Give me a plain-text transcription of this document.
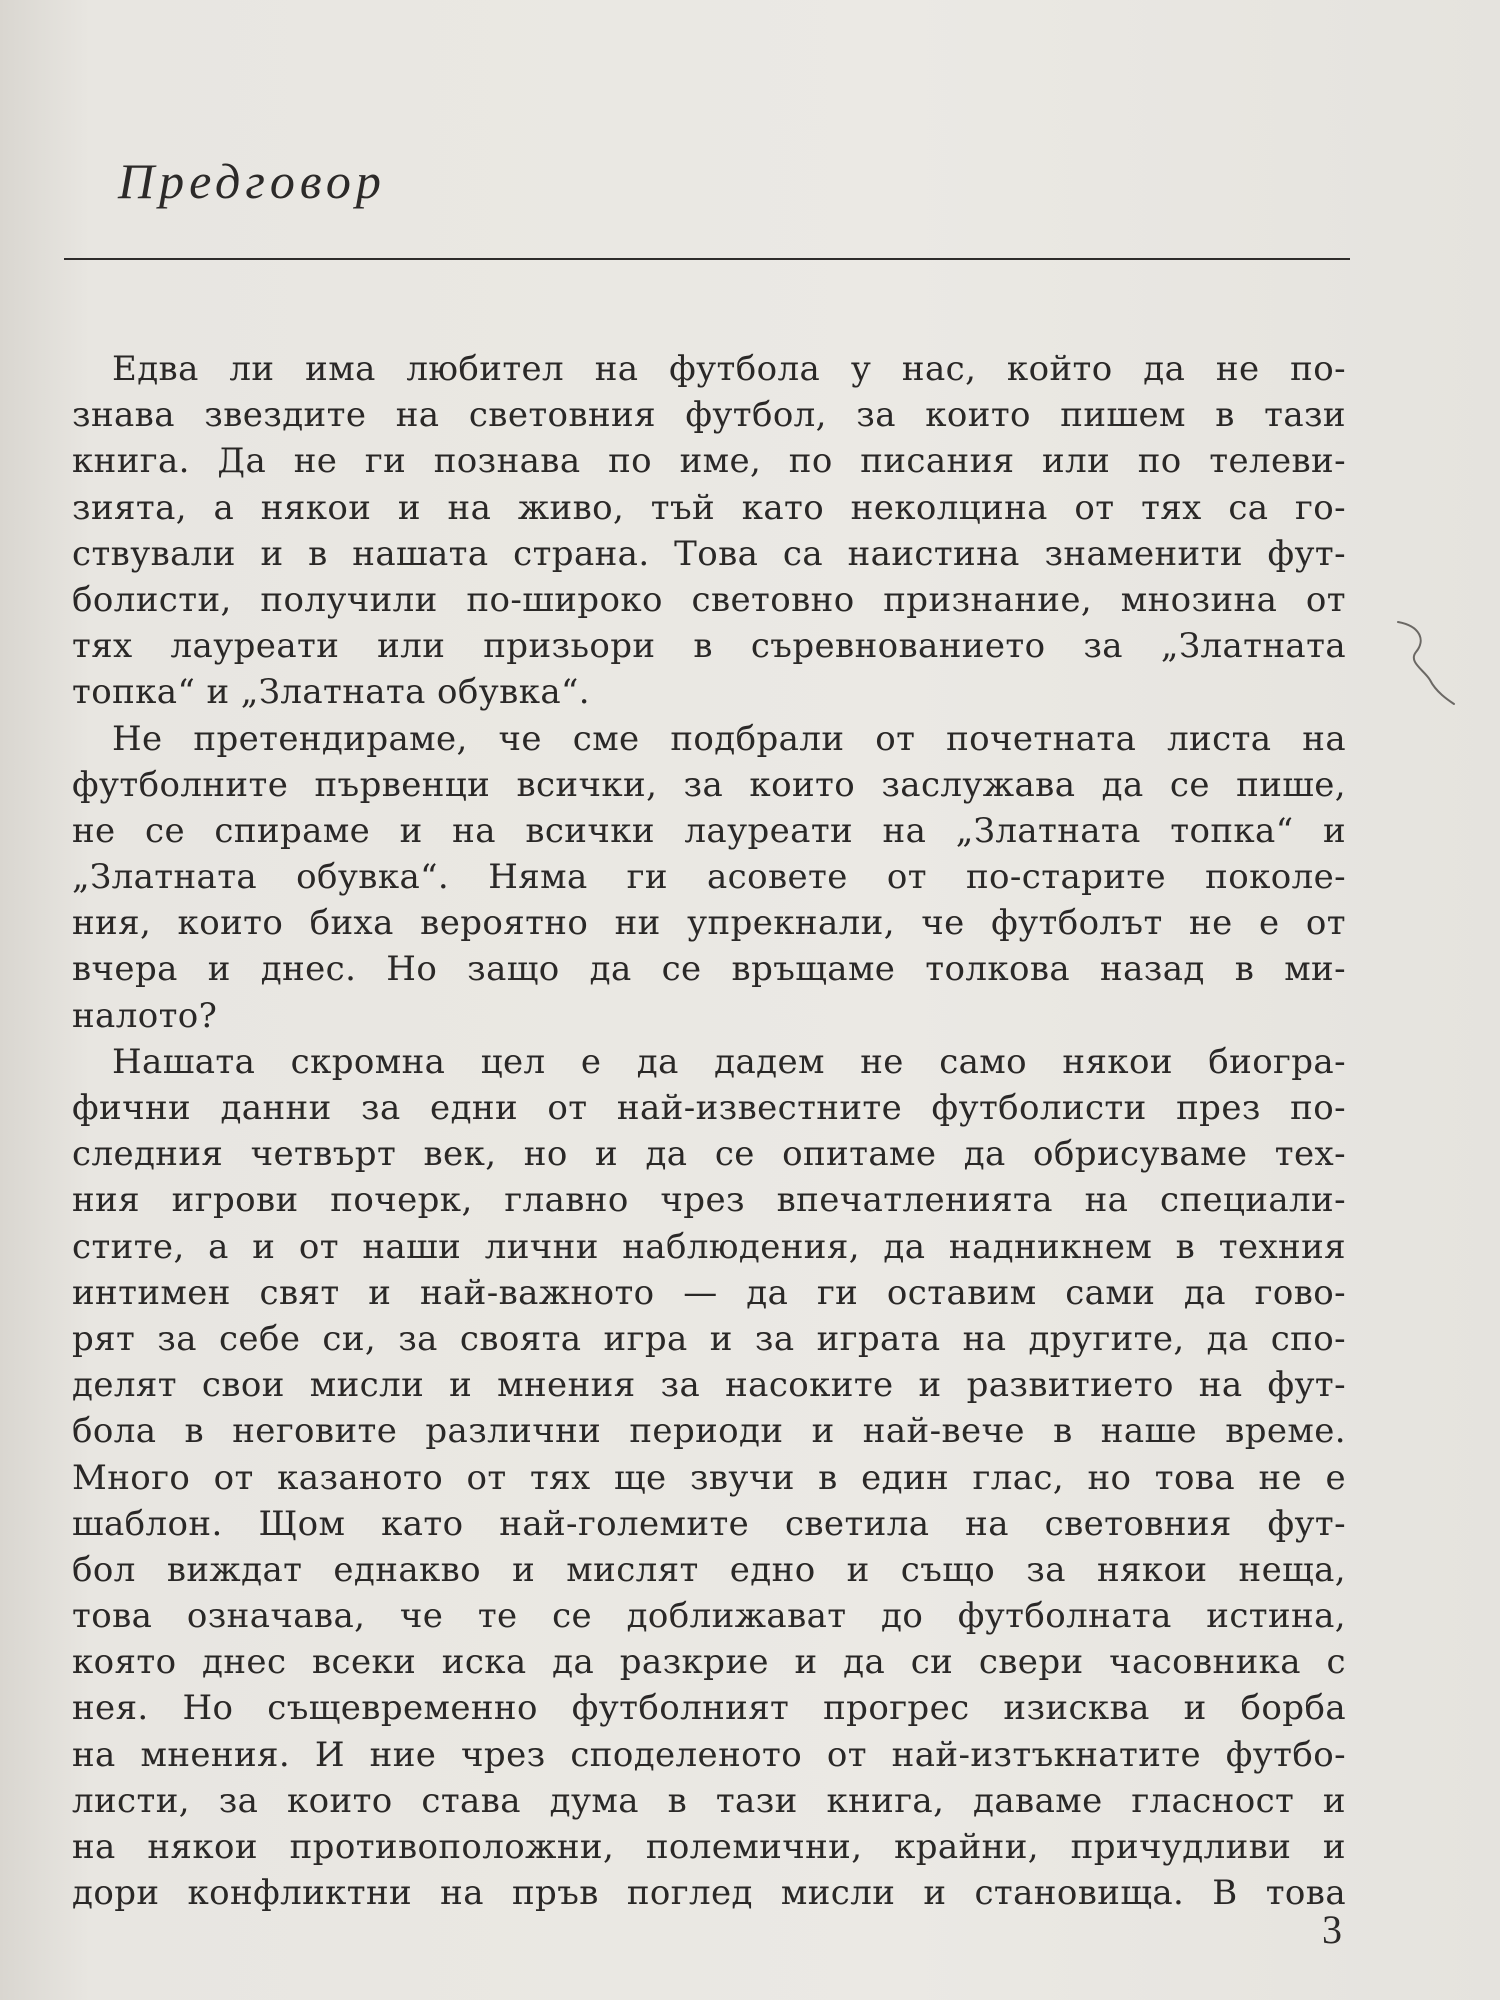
Предговор

Едва ли има любител на футбола у нас, който да не по-
знава звездите на световния футбол, за които пишем в тази
книга. Да не ги познава по име, по писания или по телеви-
зията, а някои и на живо, тъй като неколцина от тях са го-
ствували и в нашата страна. Това са наистина знаменити фут-
болисти, получили по-широко световно признание, мнозина от
тях лауреати или призьори в съревнованието за „Златната
топка“ и „Златната обувка“.

Не претендираме, че сме подбрали от почетната листа на
футболните първенци всички, за които заслужава да се пише,
не се спираме и на всички лауреати на „Златната топка“ и
„Златната обувка“. Няма ги асовете от по-старите поколе-
ния, които биха вероятно ни упрекнали, че футболът не е от
вчера и днес. Но защо да се връщаме толкова назад в ми-
налото?

Нашата скромна цел е да дадем не само някои биогра-
фични данни за едни от най-известните футболисти през по-
следния четвърт век, но и да се опитаме да обрисуваме тех-
ния игрови почерк, главно чрез впечатленията на специали-
стите, а и от наши лични наблюдения, да надникнем в техния
интимен свят и най-важното — да ги оставим сами да гово-
рят за себе си, за своята игра и за играта на другите, да спо-
делят свои мисли и мнения за насоките и развитието на фут-
бола в неговите различни периоди и най-вече в наше време.
Много от казаното от тях ще звучи в един глас, но това не е
шаблон. Щом като най-големите светила на световния фут-
бол виждат еднакво и мислят едно и също за някои неща,
това означава, че те се доближават до футболната истина,
която днес всеки иска да разкрие и да си свери часовника с
нея. Но същевременно футболният прогрес изисква и борба
на мнения. И ние чрез споделеното от най-изтъкнатите футбо-
листи, за които става дума в тази книга, даваме гласност и
на някои противоположни, полемични, крайни, причудливи и
дори конфликтни на пръв поглед мисли и становища. В това

3
